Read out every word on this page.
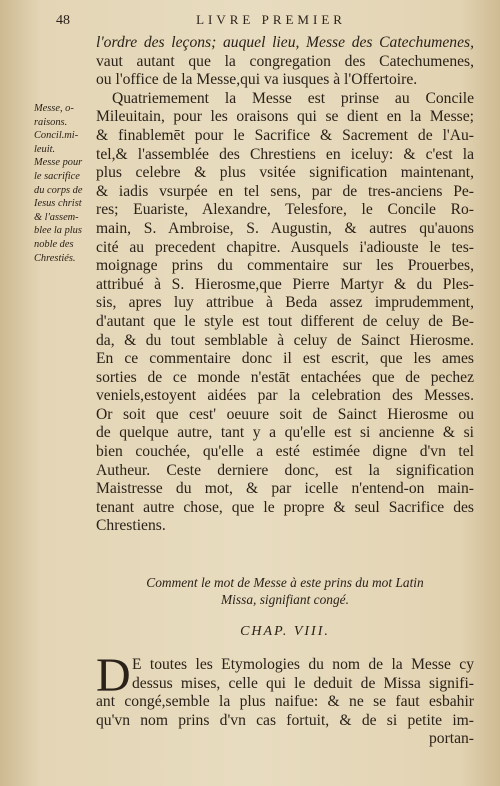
48	LIVRE PREMIER
Messe, o-
raisons.
Concil.mi-
leuit.
Messe pour
le sacrifice
du corps de
Iesus christ
& l'assem-
blee la plus
noble des
Chrestiés.
l'ordre des leçons; auquel lieu, Messe des Catechumenes,
vaut autant que la congregation des Catechumenes,
ou l'office de la Messe,qui va iusques à l'Offertoire.
Quatriemement la Messe est prinse au Concile
Mileuitain, pour les oraisons qui se dient en la Messe;
& finablemēt pour le Sacrifice & Sacrement de l'Au-
tel,& l'assemblée des Chrestiens en iceluy: & c'est la
plus celebre & plus vsitée signification maintenant,
& iadis vsurpée en tel sens, par de tres-anciens Pe-
res; Euariste, Alexandre, Telesfore, le Concile Ro-
main, S. Ambroise, S. Augustin, & autres qu'auons
cité au precedent chapitre. Ausquels i'adiouste le tes-
moignage prins du commentaire sur les Prouerbes,
attribué à S. Hierosme,que Pierre Martyr & du Ples-
sis, apres luy attribue à Beda assez imprudemment,
d'autant que le style est tout different de celuy de Be-
da, & du tout semblable à celuy de Sainct Hierosme.
En ce commentaire donc il est escrit, que les ames
sorties de ce monde n'estāt entachées que de pechez
veniels,estoyent aidées par la celebration des Messes.
Or soit que cest' oeuure soit de Sainct Hierosme ou
de quelque autre, tant y a qu'elle est si ancienne & si
bien couchée, qu'elle a esté estimée digne d'vn tel
Autheur. Ceste derniere donc, est la signification
Maistresse du mot, & par icelle n'entend-on main-
tenant autre chose, que le propre & seul Sacrifice des
Chrestiens.
Comment le mot de Messe à este prins du mot Latin
Missa, signifiant congé.
CHAP. VIII.
D E toutes les Etymologies du nom de la Messe cy
dessus mises, celle qui le deduit de Missa signifi-
ant congé,semble la plus naifue: & ne se faut esbahir
qu'vn nom prins d'vn cas fortuit, & de si petite im-
portan-
